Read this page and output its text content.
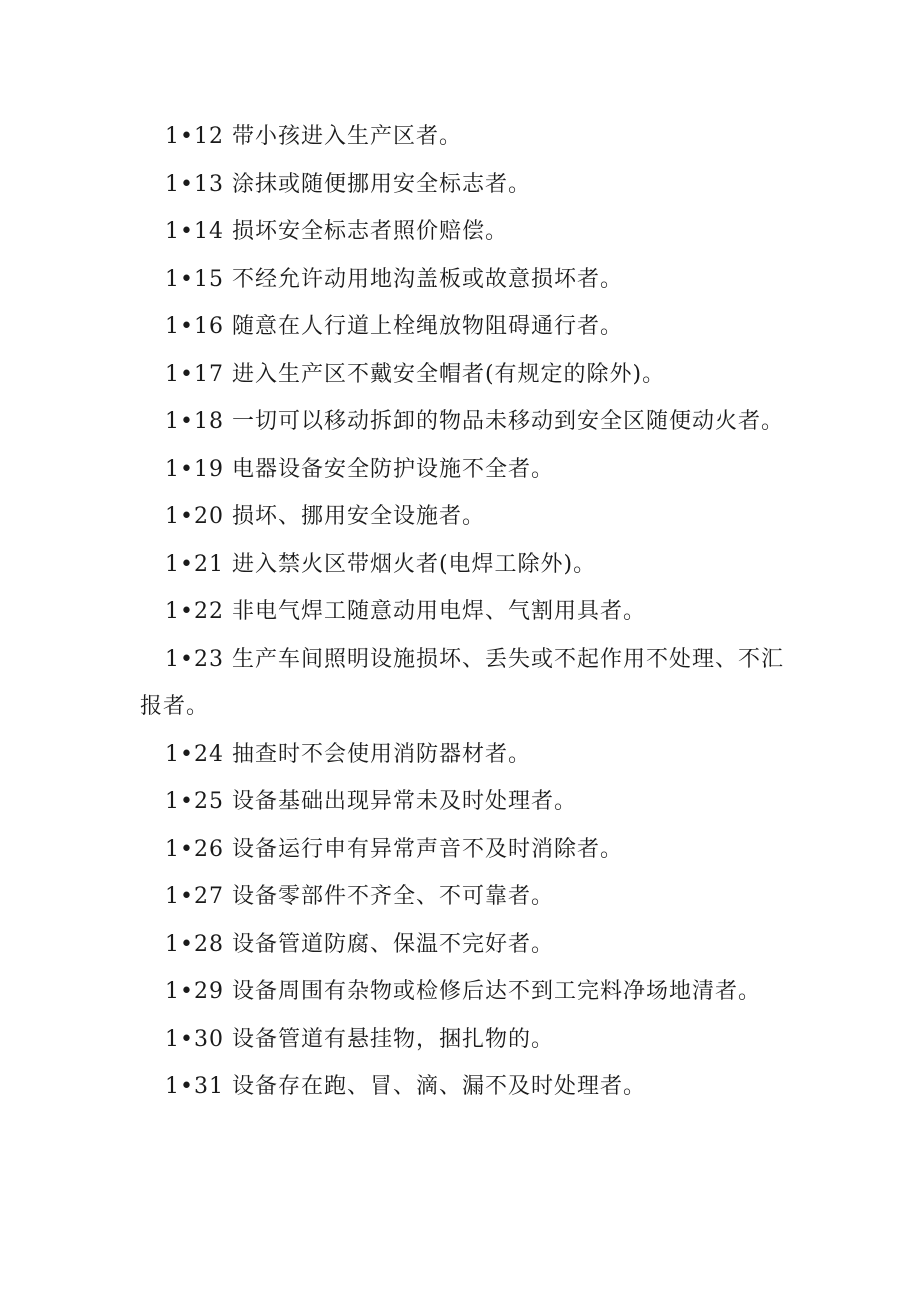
1•12 带小孩进入生产区者。

1•13 涂抹或随便挪用安全标志者。

1•14 损坏安全标志者照价赔偿。

1•15 不经允许动用地沟盖板或故意损坏者。

1•16 随意在人行道上栓绳放物阻碍通行者。

1•17 进入生产区不戴安全帽者(有规定的除外)。

1•18 一切可以移动拆卸的物品未移动到安全区随便动火者。

1•19 电器设备安全防护设施不全者。

1•20 损坏、挪用安全设施者。

1•21 进入禁火区带烟火者(电焊工除外)。

1•22 非电气焊工随意动用电焊、气割用具者。

1•23 生产车间照明设施损坏、丢失或不起作用不处理、不汇报者。

1•24 抽查时不会使用消防器材者。

1•25 设备基础出现异常未及时处理者。

1•26 设备运行申有异常声音不及时消除者。

1•27 设备零部件不齐全、不可靠者。

1•28 设备管道防腐、保温不完好者。

1•29 设备周围有杂物或检修后达不到工完料净场地清者。

1•30 设备管道有悬挂物，捆扎物的。

1•31 设备存在跑、冒、滴、漏不及时处理者。
